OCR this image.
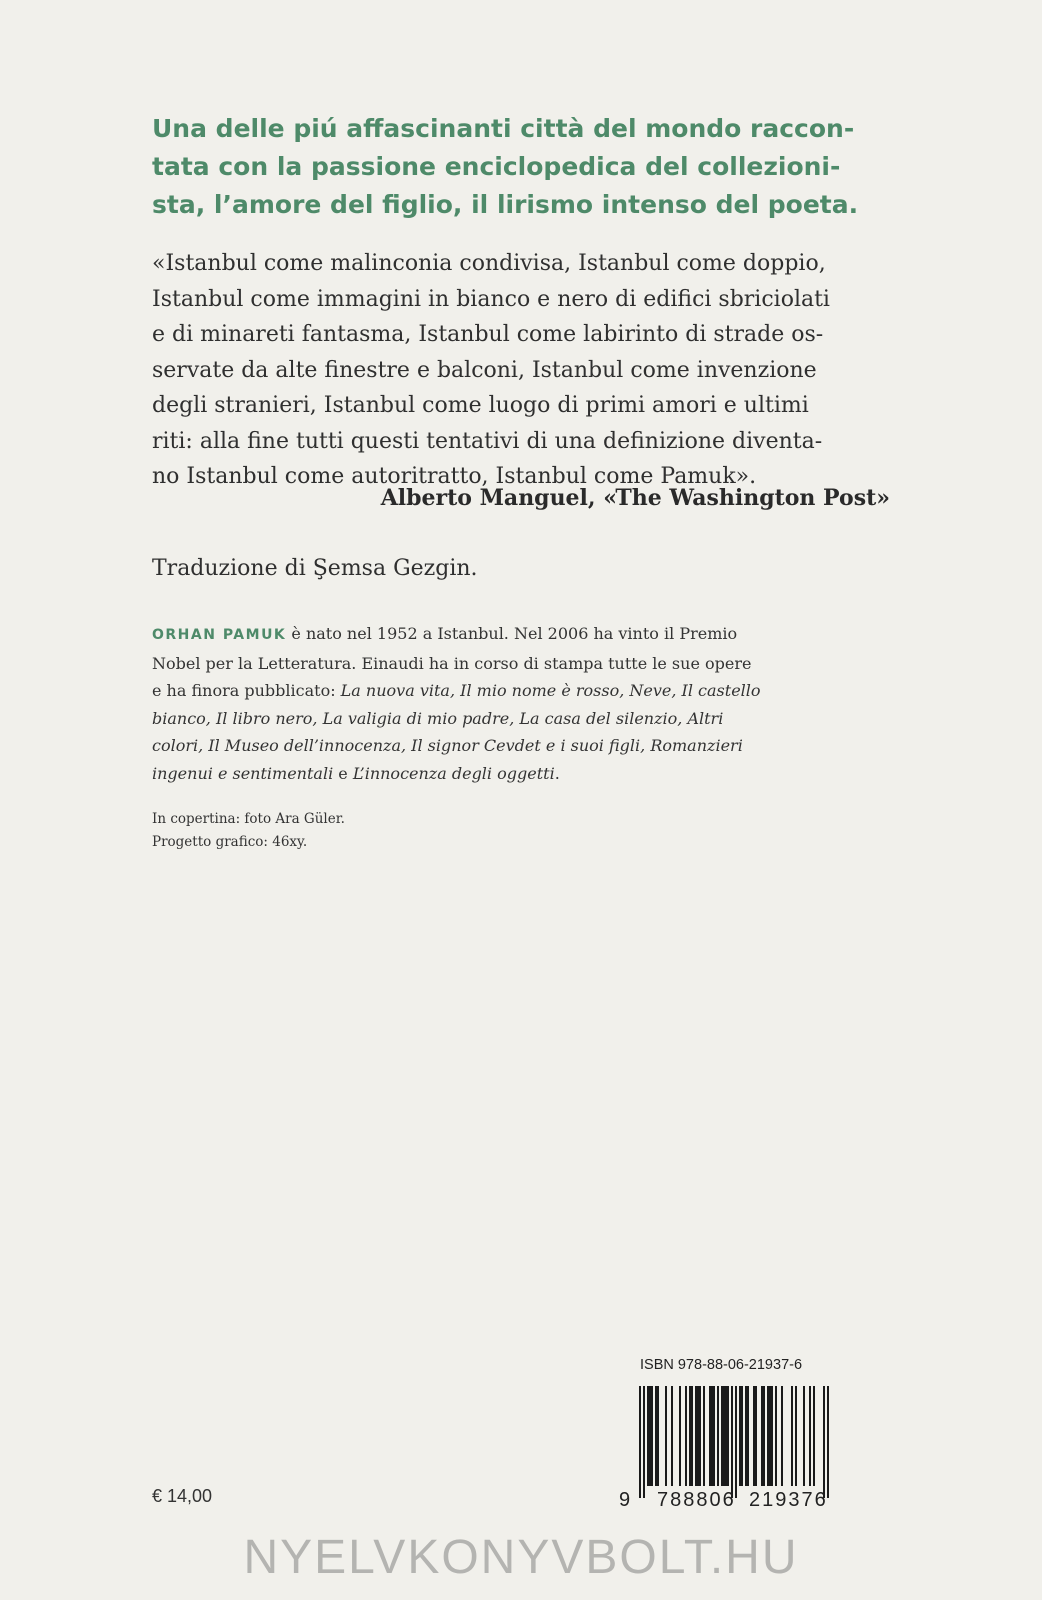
Una delle piú affascinanti città del mondo raccon-
tata con la passione enciclopedica del collezioni-
sta, l’amore del figlio, il lirismo intenso del poeta.

«Istanbul come malinconia condivisa, Istanbul come doppio,
Istanbul come immagini in bianco e nero di edifici sbriciolati
e di minareti fantasma, Istanbul come labirinto di strade os-
servate da alte finestre e balconi, Istanbul come invenzione
degli stranieri, Istanbul come luogo di primi amori e ultimi
riti: alla fine tutti questi tentativi di una definizione diventa-
no Istanbul come autoritratto, Istanbul come Pamuk».

Alberto Manguel, «The Washington Post»
Traduzione di Şemsa Gezgin.

ORHAN PAMUK è nato nel 1952 a Istanbul. Nel 2006 ha vinto il Premio
Nobel per la Letteratura. Einaudi ha in corso di stampa tutte le sue opere
e ha finora pubblicato: La nuova vita, Il mio nome è rosso, Neve, Il castello
bianco, Il libro nero, La valigia di mio padre, La casa del silenzio, Altri
colori, Il Museo dell’innocenza, Il signor Cevdet e i suoi figli, Romanzieri
ingenui e sentimentali e L’innocenza degli oggetti.

In copertina: foto Ara Güler.
Progetto grafico: 46xy.
ISBN 978-88-06-21937-6
9 788806 219376
€ 14,00
NYELVKONYVBOLT.HU
